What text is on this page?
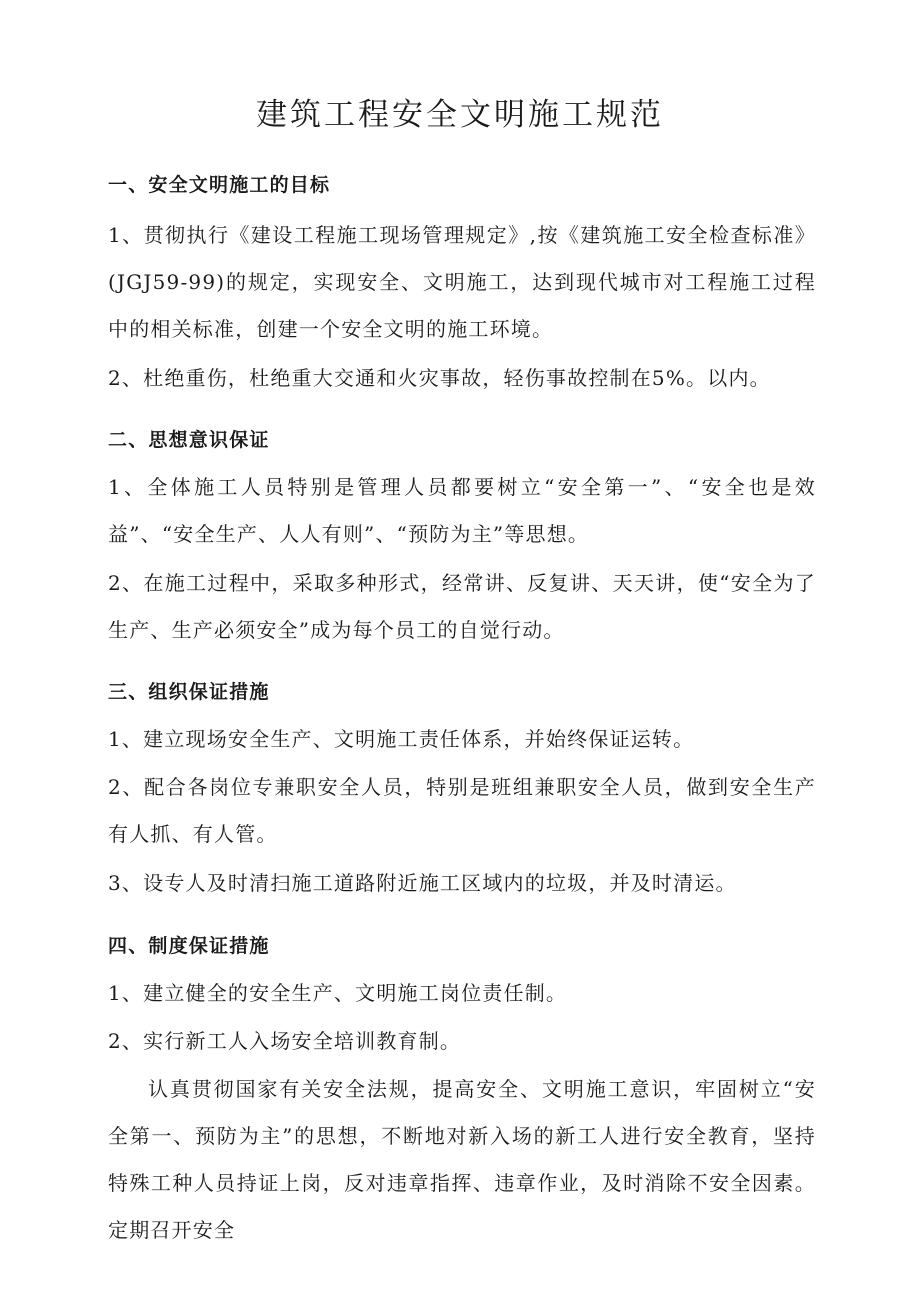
建筑工程安全文明施工规范
一、安全文明施工的目标

1、贯彻执行《建设工程施工现场管理规定》,按《建筑施工安全检查标准》(JGJ59-99)的规定，实现安全、文明施工，达到现代城市对工程施工过程中的相关标准，创建一个安全文明的施工环境。

2、杜绝重伤，杜绝重大交通和火灾事故，轻伤事故控制在5%。以内。

二、思想意识保证

1、全体施工人员特别是管理人员都要树立“安全第一”、“安全也是效益”、“安全生产、人人有则”、“预防为主”等思想。

2、在施工过程中，采取多种形式，经常讲、反复讲、天天讲，使“安全为了生产、生产必须安全”成为每个员工的自觉行动。

三、组织保证措施

1、建立现场安全生产、文明施工责任体系，并始终保证运转。

2、配合各岗位专兼职安全人员，特别是班组兼职安全人员，做到安全生产有人抓、有人管。

3、设专人及时清扫施工道路附近施工区域内的垃圾，并及时清运。

四、制度保证措施

1、建立健全的安全生产、文明施工岗位责任制。

2、实行新工人入场安全培训教育制。

认真贯彻国家有关安全法规，提高安全、文明施工意识，牢固树立“安全第一、预防为主”的思想，不断地对新入场的新工人进行安全教育，坚持特殊工种人员持证上岗，反对违章指挥、违章作业，及时消除不安全因素。定期召开安全
